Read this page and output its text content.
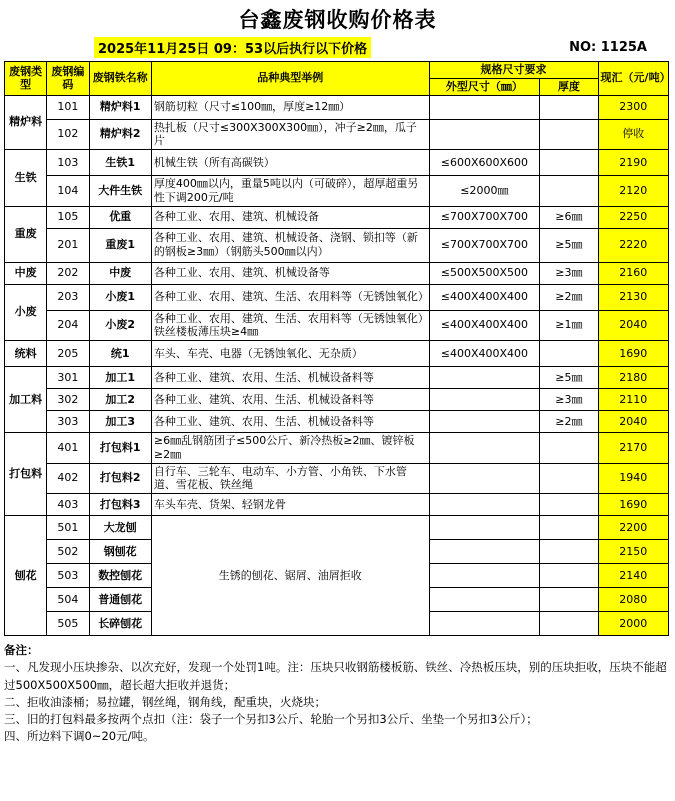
台鑫废钢收购价格表
2025年11月25日 09：53以后执行以下价格	NO: 1125A
废钢类型	废钢编码	废钢铁名称	品种典型举例	规格尺寸要求		现汇（元/吨）
				外型尺寸（㎜）	厚度	
精炉料	101	精炉料1	钢筋切粒（尺寸≤100㎜，厚度≥12㎜）			2300
	102	精炉料2	热扎板（尺寸≤300X300X300㎜），冲子≥2㎜，瓜子片			停收
生铁	103	生铁1	机械生铁（所有高碳铁）	≤600X600X600		2190
	104	大件生铁	厚度400㎜以内，重量5吨以内（可破碎），超厚超重另性下调200元/吨	≤2000㎜		2120
重废	105	优重	各种工业、农用、建筑、机械设备	≤700X700X700	≥6㎜	2250
	201	重废1	各种工业、农用、建筑、机械设备、浇钢、锁扣等（新的钢板≥3㎜）（钢筋头500㎜以内）	≤700X700X700	≥5㎜	2220
中废	202	中废	各种工业、农用、建筑、机械设备等	≤500X500X500	≥3㎜	2160
小废	203	小废1	各种工业、农用、建筑、生活、农用料等（无锈蚀氧化）	≤400X400X400	≥2㎜	2130
	204	小废2	各种工业、农用、建筑、生活、农用料等（无锈蚀氧化）铁丝楼板薄压块≥4㎜	≤400X400X400	≥1㎜	2040
统料	205	统1	车头、车壳、电器（无锈蚀氧化、无杂质）	≤400X400X400		1690
加工料	301	加工1	各种工业、建筑、农用、生活、机械设备料等		≥5㎜	2180
	302	加工2	各种工业、建筑、农用、生活、机械设备料等		≥3㎜	2110
	303	加工3	各种工业、建筑、农用、生活、机械设备料等		≥2㎜	2040
打包料	401	打包料1	≥6㎜乱钢筋团子≤500公斤、新冷热板≥2㎜、镀锌板≥2㎜			2170
	402	打包料2	自行车、三轮车、电动车、小方管、小角铁、下水管道、雪花板、铁丝绳			1940
	403	打包料3	车头车壳、货架、轻钢龙骨			1690
刨花	501	大龙刨	生锈的刨花、锯屑、油屑拒收			2200
	502	钢刨花				2150
	503	数控刨花				2140
	504	普通刨花				2080
	505	长碎刨花				2000
备注：
一、凡发现小压块掺杂、以次充好，发现一个处罚1吨。注：压块只收钢筋楼板筋、铁丝、冷热板压块，别的压块拒收，压块不能超过500X500X500㎜，超长超大拒收并退货；
二、拒收油漆桶；易拉罐，钢丝绳，钢角线，配重块，火烧块；
三、旧的打包料最多按两个点扣（注：袋子一个另扣3公斤、轮胎一个另扣3公斤、坐垫一个另扣3公斤）；
四、所边料下调0~20元/吨。
